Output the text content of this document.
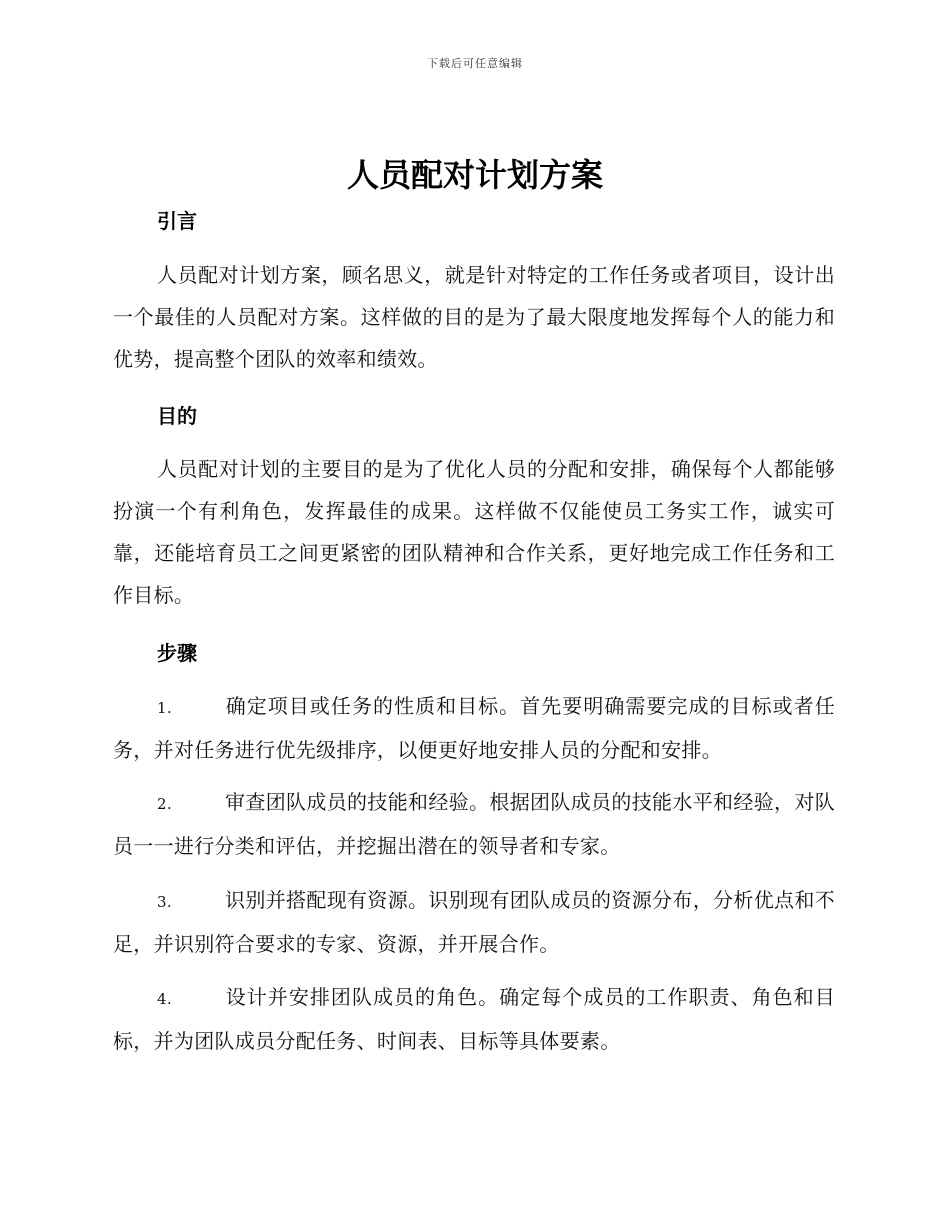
下载后可任意编辑
人员配对计划方案
引言

人员配对计划方案，顾名思义，就是针对特定的工作任务或者项目，设计出一个最佳的人员配对方案。这样做的目的是为了最大限度地发挥每个人的能力和优势，提高整个团队的效率和绩效。

目的

人员配对计划的主要目的是为了优化人员的分配和安排，确保每个人都能够扮演一个有利角色，发挥最佳的成果。这样做不仅能使员工务实工作，诚实可靠，还能培育员工之间更紧密的团队精神和合作关系，更好地完成工作任务和工作目标。

步骤

1.	确定项目或任务的性质和目标。首先要明确需要完成的目标或者任务，并对任务进行优先级排序，以便更好地安排人员的分配和安排。

2.	审查团队成员的技能和经验。根据团队成员的技能水平和经验，对队员一一进行分类和评估，并挖掘出潜在的领导者和专家。

3.	识别并搭配现有资源。识别现有团队成员的资源分布，分析优点和不足，并识别符合要求的专家、资源，并开展合作。

4.	设计并安排团队成员的角色。确定每个成员的工作职责、角色和目标，并为团队成员分配任务、时间表、目标等具体要素。
